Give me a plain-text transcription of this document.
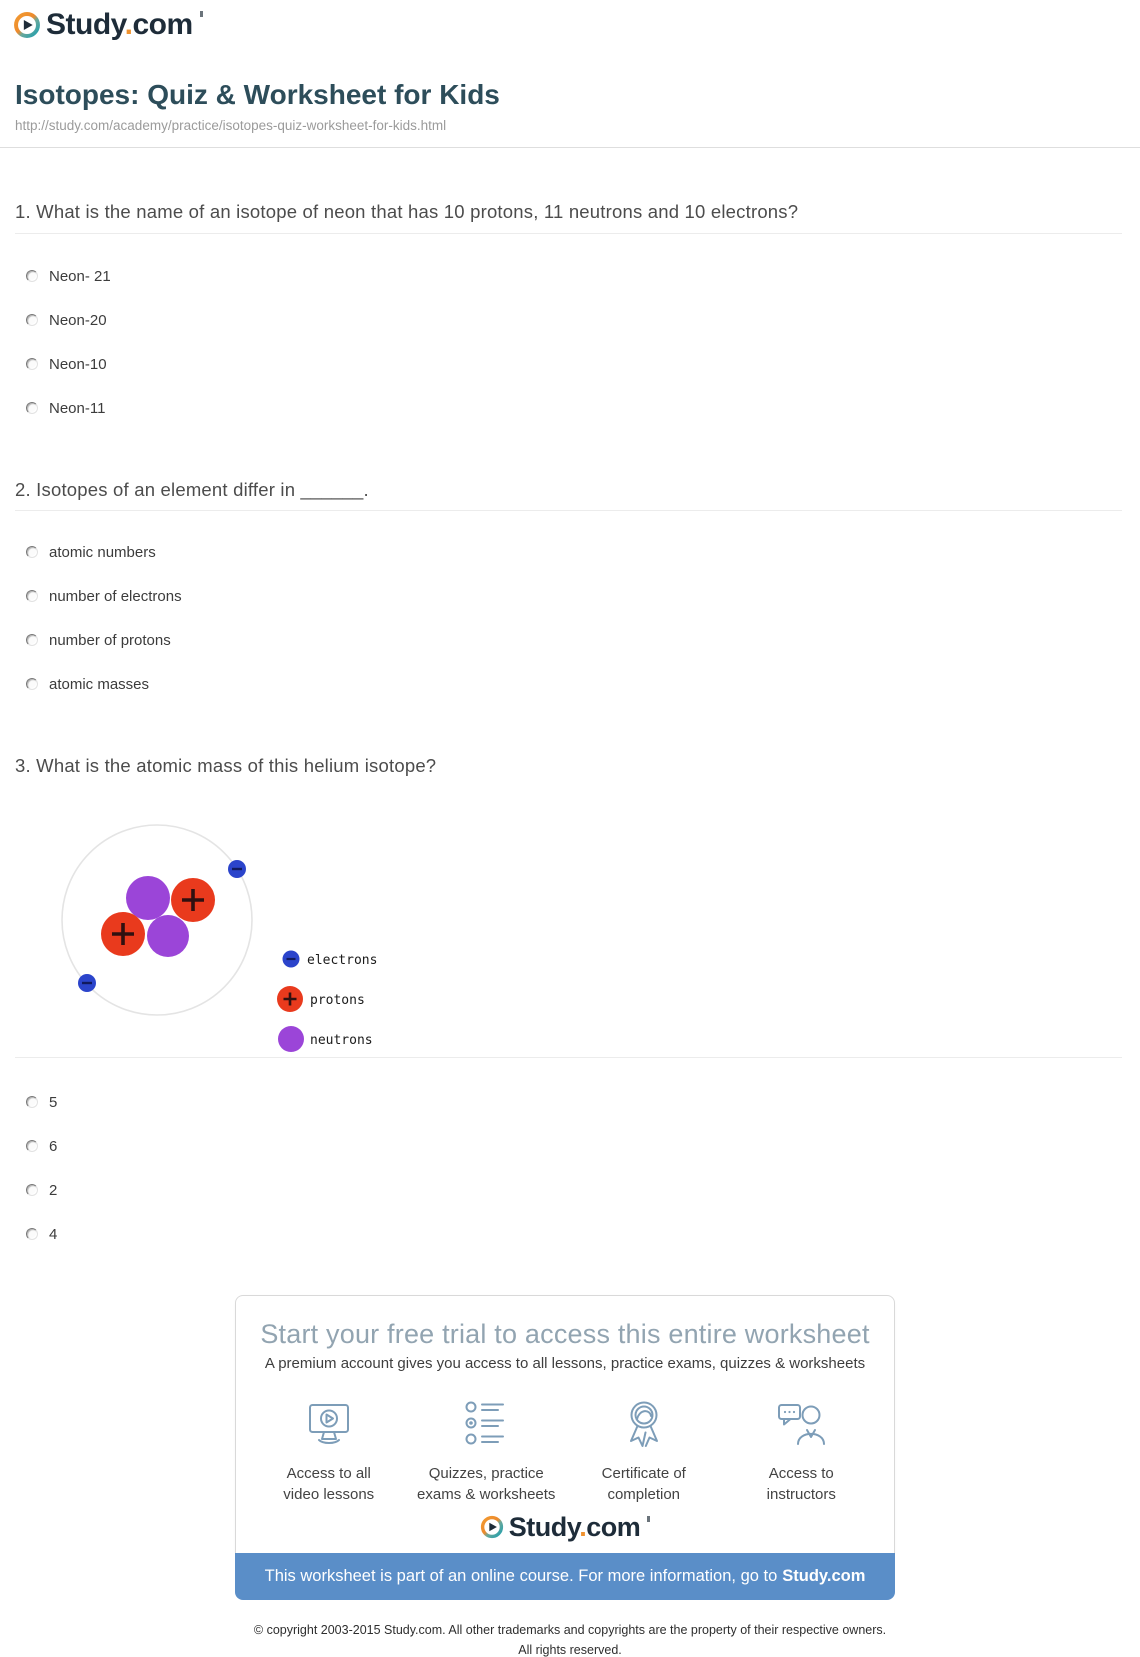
Study.com
Isotopes: Quiz & Worksheet for Kids
http://study.com/academy/practice/isotopes-quiz-worksheet-for-kids.html
1. What is the name of an isotope of neon that has 10 protons, 11 neutrons and 10 electrons?
Neon- 21
Neon-20
Neon-10
Neon-11
2. Isotopes of an element differ in ______.
atomic numbers
number of electrons
number of protons
atomic masses
3. What is the atomic mass of this helium isotope?
electrons
protons
neutrons
5
6
2
4
Start your free trial to access this entire worksheet
A premium account gives you access to all lessons, practice exams, quizzes & worksheets
Access to all
video lessons
Quizzes, practice
exams & worksheets
Certificate of
completion
Access to
instructors
Study.com
This worksheet is part of an online course. For more information, go to Study.com
© copyright 2003-2015 Study.com. All other trademarks and copyrights are the property of their respective owners.
All rights reserved.
